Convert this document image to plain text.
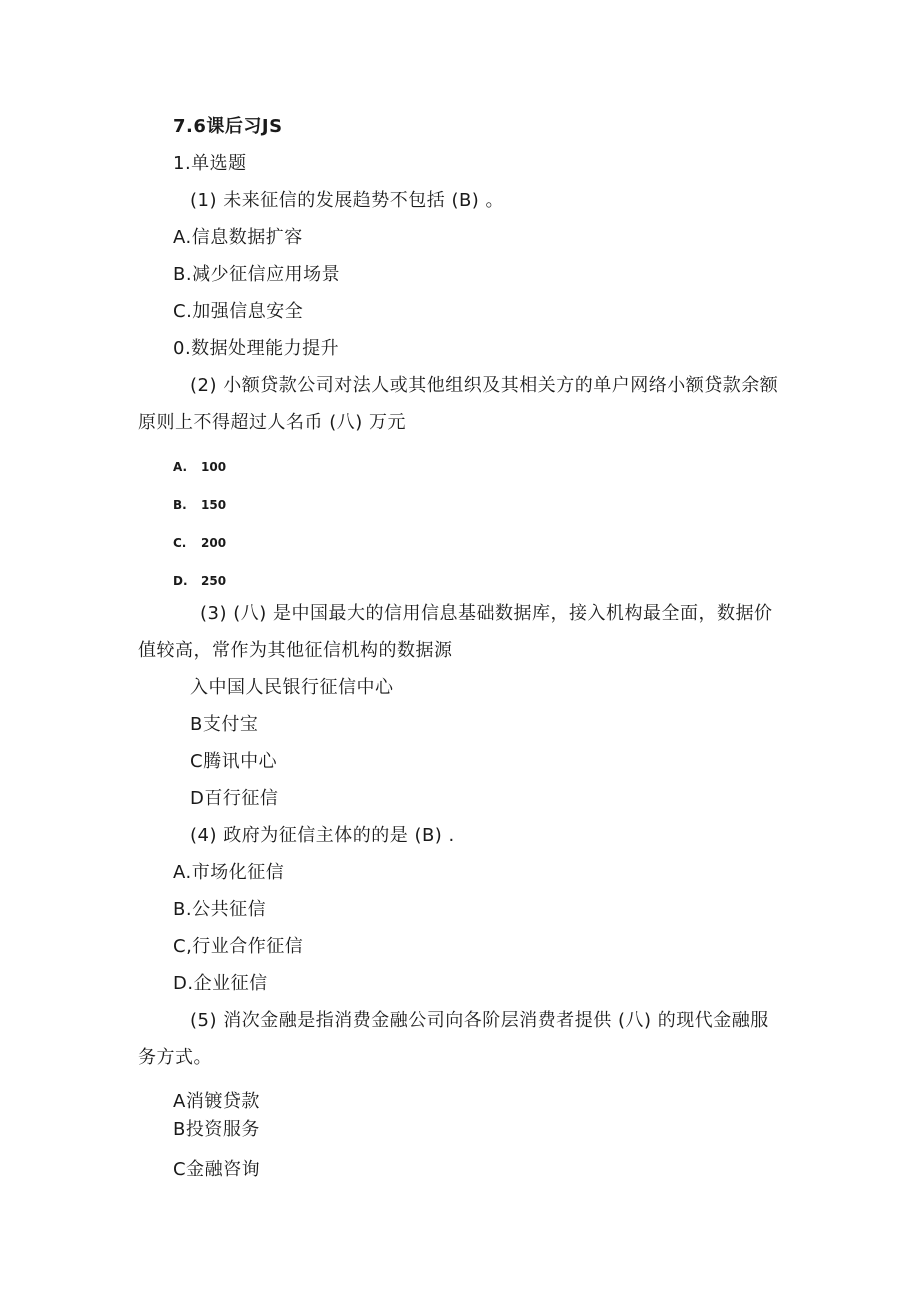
7.6课后习JS
1.单选题
(1) 未来征信的发展趋势不包括 (B) 。
A.信息数据扩容
B.减少征信应用场景
C.加强信息安全
0.数据处理能力提升
(2) 小额贷款公司对法人或其他组织及其相关方的单户网络小额贷款余额
原则上不得超过人名币 (八) 万元
A. 100
B. 150
C. 200
D. 250
(3) (八) 是中国最大的信用信息基础数据库，接入机构最全面，数据价
值较高，常作为其他征信机构的数据源
入中国人民银行征信中心
B支付宝
C腾讯中心
D百行征信
(4) 政府为征信主体的的是 (B) .
A.市场化征信
B.公共征信
C,行业合作征信
D.企业征信
(5) 消次金融是指消费金融公司向各阶层消费者提供 (八) 的现代金融服
务方式。
A消镀贷款
B投资服务
C金融咨询
